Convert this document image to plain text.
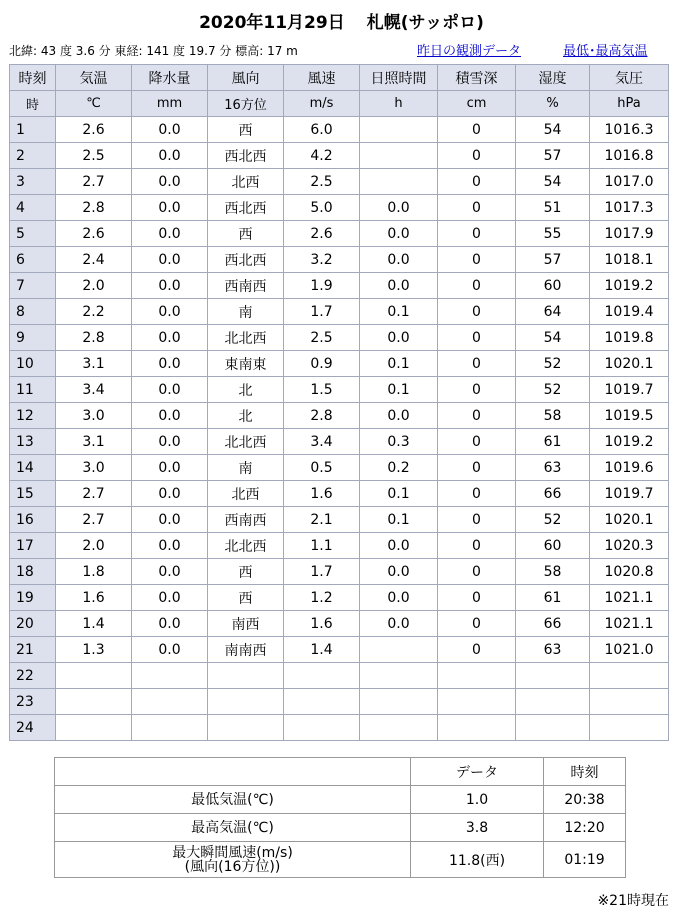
2020年11月29日 札幌(サッポロ)
北緯: 43 度 3.6 分 東経: 141 度 19.7 分 標高: 17 m	昨日の観測データ	最低･最高気温
時刻	気温	降水量	風向	風速	日照時間	積雪深	湿度	気圧
時	℃	mm	16方位	m/s	h	cm	%	hPa
1	2.6	0.0	西	6.0		0	54	1016.3
2	2.5	0.0	西北西	4.2		0	57	1016.8
3	2.7	0.0	北西	2.5		0	54	1017.0
4	2.8	0.0	西北西	5.0	0.0	0	51	1017.3
5	2.6	0.0	西	2.6	0.0	0	55	1017.9
6	2.4	0.0	西北西	3.2	0.0	0	57	1018.1
7	2.0	0.0	西南西	1.9	0.0	0	60	1019.2
8	2.2	0.0	南	1.7	0.1	0	64	1019.4
9	2.8	0.0	北北西	2.5	0.0	0	54	1019.8
10	3.1	0.0	東南東	0.9	0.1	0	52	1020.1
11	3.4	0.0	北	1.5	0.1	0	52	1019.7
12	3.0	0.0	北	2.8	0.0	0	58	1019.5
13	3.1	0.0	北北西	3.4	0.3	0	61	1019.2
14	3.0	0.0	南	0.5	0.2	0	63	1019.6
15	2.7	0.0	北西	1.6	0.1	0	66	1019.7
16	2.7	0.0	西南西	2.1	0.1	0	52	1020.1
17	2.0	0.0	北北西	1.1	0.0	0	60	1020.3
18	1.8	0.0	西	1.7	0.0	0	58	1020.8
19	1.6	0.0	西	1.2	0.0	0	61	1021.1
20	1.4	0.0	南西	1.6	0.0	0	66	1021.1
21	1.3	0.0	南南西	1.4		0	63	1021.0
22								
23								
24								
	データ	時刻
最低気温(℃)	1.0	20:38
最高気温(℃)	3.8	12:20
最大瞬間風速(m/s)
(風向(16方位))	11.8(西)	01:19
※21時現在
